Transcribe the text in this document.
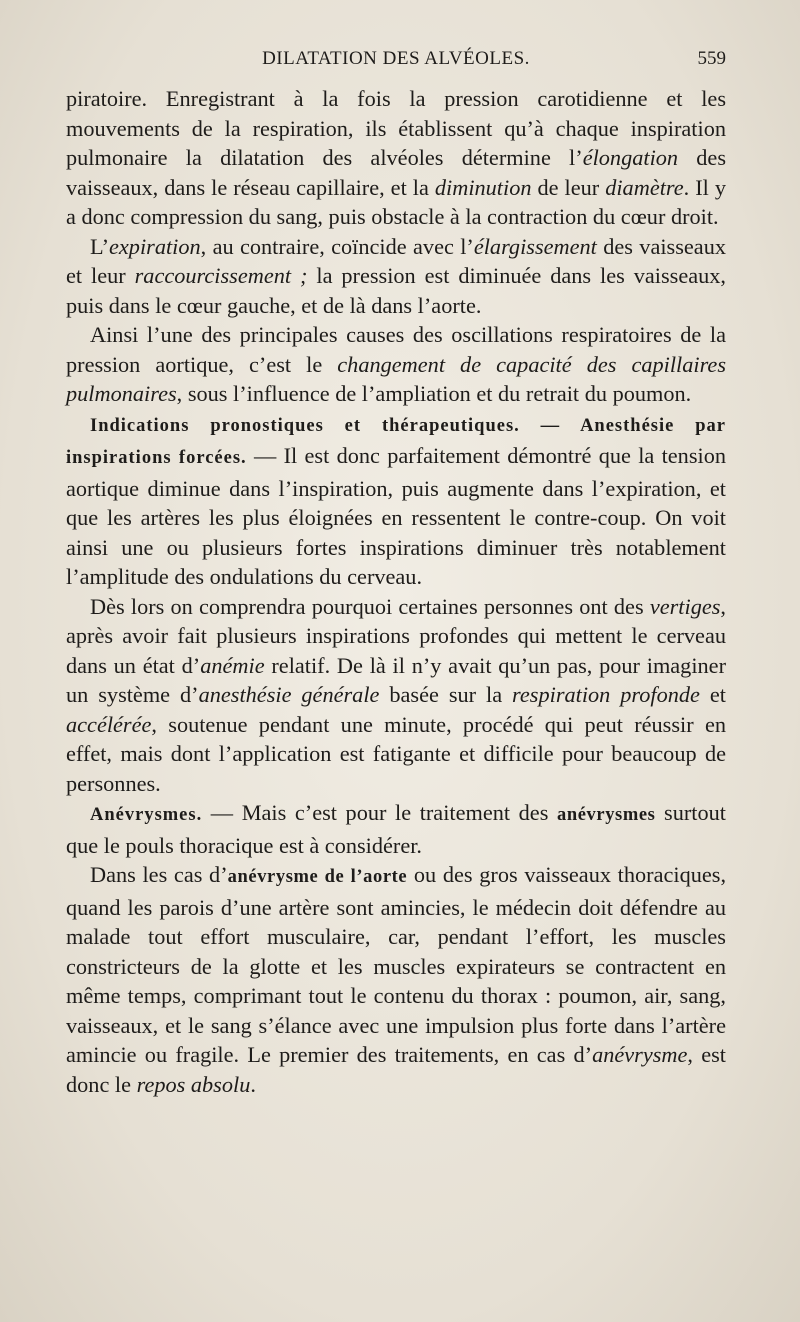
DILATATION DES ALVÉOLES.	559

piratoire. Enregistrant à la fois la pression carotidienne et les mouvements de la respiration, ils établissent qu’à chaque inspiration pulmonaire la dilatation des alvéoles détermine l’élongation des vaisseaux, dans le réseau capillaire, et la diminution de leur diamètre. Il y a donc compression du sang, puis obstacle à la contraction du cœur droit.

L’expiration, au contraire, coïncide avec l’élargissement des vaisseaux et leur raccourcissement ; la pression est diminuée dans les vaisseaux, puis dans le cœur gauche, et de là dans l’aorte.

Ainsi l’une des principales causes des oscillations respiratoires de la pression aortique, c’est le changement de capacité des capillaires pulmonaires, sous l’influence de l’ampliation et du retrait du poumon.

Indications pronostiques et thérapeutiques. — Anesthésie par inspirations forcées. — Il est donc parfaitement démontré que la tension aortique diminue dans l’inspiration, puis augmente dans l’expiration, et que les artères les plus éloignées en ressentent le contre-coup. On voit ainsi une ou plusieurs fortes inspirations diminuer très notablement l’amplitude des ondulations du cerveau.

Dès lors on comprendra pourquoi certaines personnes ont des vertiges, après avoir fait plusieurs inspirations profondes qui mettent le cerveau dans un état d’anémie relatif. De là il n’y avait qu’un pas, pour imaginer un système d’anesthésie générale basée sur la respiration profonde et accélérée, soutenue pendant une minute, procédé qui peut réussir en effet, mais dont l’application est fatigante et difficile pour beaucoup de personnes.

Anévrysmes. — Mais c’est pour le traitement des anévrysmes surtout que le pouls thoracique est à considérer.

Dans les cas d’anévrysme de l’aorte ou des gros vaisseaux thoraciques, quand les parois d’une artère sont amincies, le médecin doit défendre au malade tout effort musculaire, car, pendant l’effort, les muscles constricteurs de la glotte et les muscles expirateurs se contractent en même temps, comprimant tout le contenu du thorax : poumon, air, sang, vaisseaux, et le sang s’élance avec une impulsion plus forte dans l’artère amincie ou fragile. Le premier des traitements, en cas d’anévrysme, est donc le repos absolu.
